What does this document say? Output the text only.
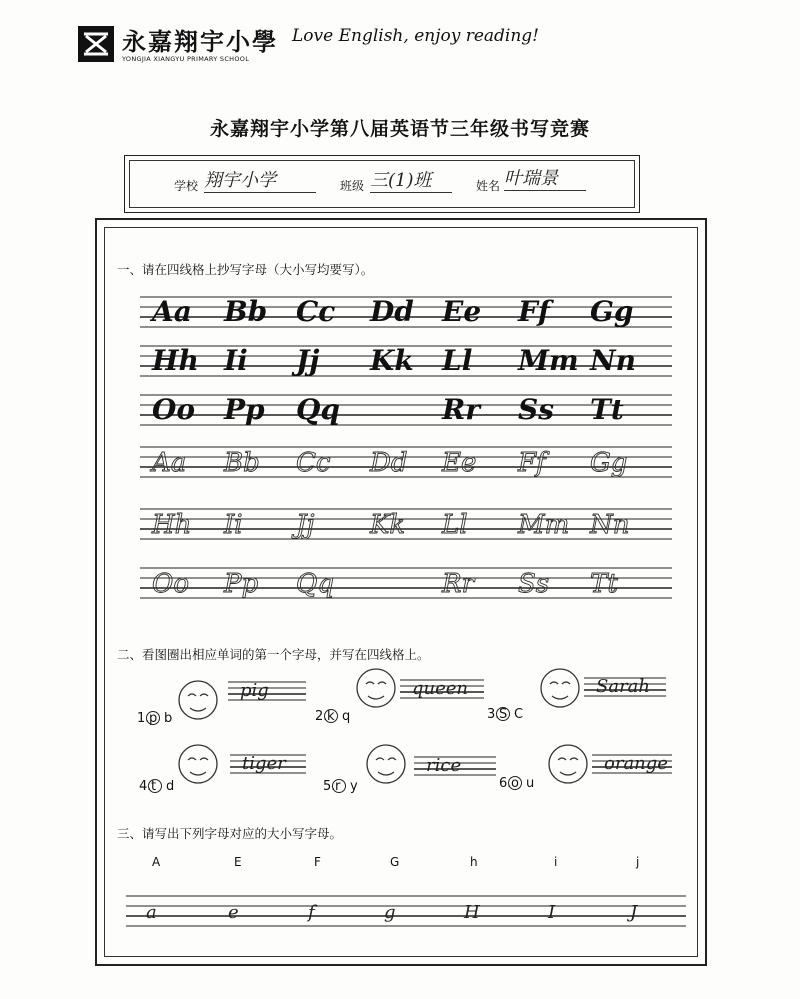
永嘉翔宇小學
YONGJIA XIANGYU PRIMARY SCHOOL
Love English, enjoy reading!
永嘉翔宇小学第八届英语节三年级书写竞赛
学校 翔宇小学	班级 三(1)班	姓名 叶瑞景
一、请在四线格上抄写字母（大小写均要写）。
二、看图圈出相应单词的第一个字母，并写在四线格上。
三、请写出下列字母对应的大小写字母。
Aa Bb Cc Dd Ee Ff Gg
Hh Ii Jj Kk Ll Mm Nn
Oo Pp Qq	Rr Ss Tt
Aa Bb Cc Dd Ee Ff Gg
Hh Ii Jj Kk Ll Mm Nn
Oo Pp Qq	Rr Ss Tt
1. p b
pig
2. k q
queen
3. S C
Sarah
4. t d
tiger
5. r y
rice
6. o u
orange
A	E	F	G	h	i	j
a	e	f	g	H	I	J
